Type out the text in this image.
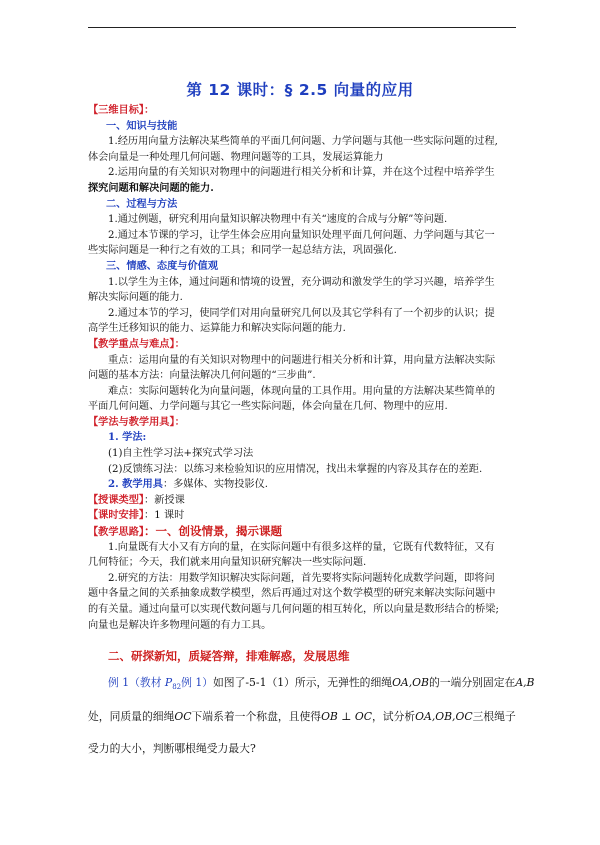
第 12 课时：§ 2.5 向量的应用
【三维目标】：
一、知识与技能
1.经历用向量方法解决某些简单的平面几何问题、力学问题与其他一些实际问题的过程,
体会向量是一种处理几何问题、物理问题等的工具，发展运算能力
2.运用向量的有关知识对物理中的问题进行相关分析和计算，并在这个过程中培养学生
探究问题和解决问题的能力.
二、过程与方法
1.通过例题，研究利用向量知识解决物理中有关“速度的合成与分解”等问题.
2.通过本节课的学习，让学生体会应用向量知识处理平面几何问题、力学问题与其它一
些实际问题是一种行之有效的工具；和同学一起总结方法，巩固强化.
三、情感、态度与价值观
1.以学生为主体，通过问题和情境的设置，充分调动和激发学生的学习兴趣，培养学生
解决实际问题的能力.
2.通过本节的学习，使同学们对用向量研究几何以及其它学科有了一个初步的认识；提
高学生迁移知识的能力、运算能力和解决实际问题的能力.
【教学重点与难点】：
重点：运用向量的有关知识对物理中的问题进行相关分析和计算，用向量方法解决实际
问题的基本方法：向量法解决几何问题的“三步曲”.
难点：实际问题转化为向量问题，体现向量的工具作用。用向量的方法解决某些简单的
平面几何问题、力学问题与其它一些实际问题，体会向量在几何、物理中的应用.
【学法与教学用具】：
1. 学法:
(1)自主性学习法+探究式学习法
(2)反馈练习法：以练习来检验知识的应用情况，找出未掌握的内容及其存在的差距.
2. 教学用具：多媒体、实物投影仪.
【授课类型】：新授课
【课时安排】：1 课时
【教学思路】：一、创设情景，揭示课题
1.向量既有大小又有方向的量，在实际问题中有很多这样的量，它既有代数特征，又有
几何特征；今天，我们就来用向量知识研究解决一些实际问题.
2.研究的方法：用数学知识解决实际问题，首先要将实际问题转化成数学问题，即将问
题中各量之间的关系抽象成数学模型，然后再通过对这个数学模型的研究来解决实际问题中
的有关量。通过向量可以实现代数问题与几何问题的相互转化，所以向量是数形结合的桥梁;
向量也是解决许多物理问题的有力工具。
二、研探新知，质疑答辩，排难解惑，发展思维
例 1（教材 $P_{82}$例 1）如图了-5-1（1）所示，无弹性的细绳OA,OB的一端分别固定在A,B
处，同质量的细绳OC下端系着一个称盘，且使得OB ⊥ OC，试分析OA,OB,OC三根绳子
受力的大小，判断哪根绳受力最大?
